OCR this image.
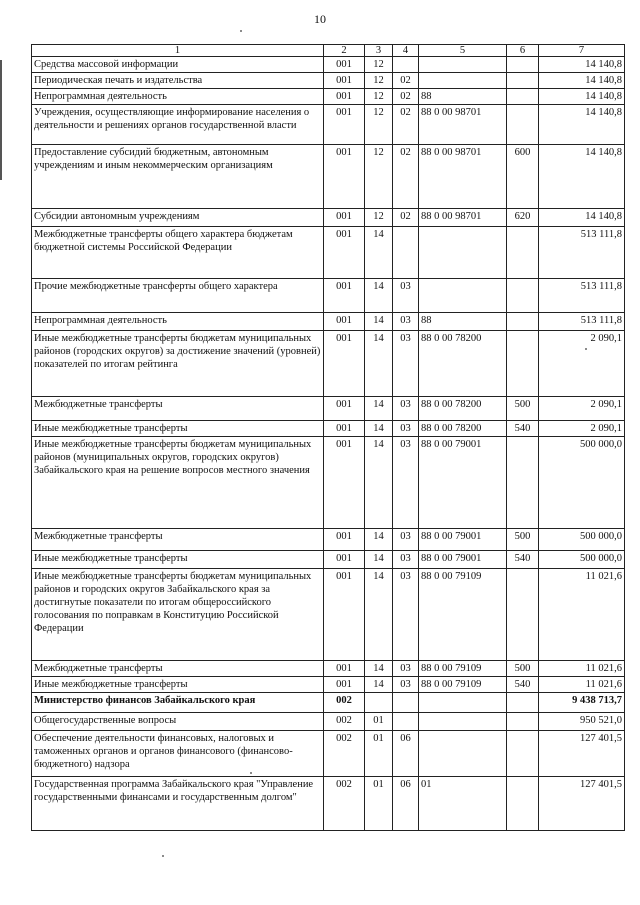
10
1	2	3	4	5	6	7
Средства массовой информации	001	12				14 140,8
Периодическая печать и издательства	001	12	02			14 140,8
Непрограммная деятельность	001	12	02	88		14 140,8
Учреждения, осуществляющие информирование населения о деятельности и решениях органов государственной власти	001	12	02	88 0 00 98701		14 140,8
Предоставление субсидий бюджетным, автономным учреждениям и иным некоммерческим организациям	001	12	02	88 0 00 98701	600	14 140,8
Субсидии автономным учреждениям	001	12	02	88 0 00 98701	620	14 140,8
Межбюджетные трансферты общего характера бюджетам бюджетной системы Российской Федерации	001	14				513 111,8
Прочие межбюджетные трансферты общего характера	001	14	03			513 111,8
Непрограммная деятельность	001	14	03	88		513 111,8
Иные межбюджетные трансферты бюджетам муниципальных районов (городских округов) за достижение значений (уровней) показателей по итогам рейтинга	001	14	03	88 0 00 78200		2 090,1
Межбюджетные трансферты	001	14	03	88 0 00 78200	500	2 090,1
Иные межбюджетные трансферты	001	14	03	88 0 00 78200	540	2 090,1
Иные межбюджетные трансферты бюджетам муниципальных районов (муниципальных округов, городских округов) Забайкальского края на решение вопросов местного значения	001	14	03	88 0 00 79001		500 000,0
Межбюджетные трансферты	001	14	03	88 0 00 79001	500	500 000,0
Иные межбюджетные трансферты	001	14	03	88 0 00 79001	540	500 000,0
Иные межбюджетные трансферты бюджетам муниципальных районов и городских округов Забайкальского края за достигнутые показатели по итогам общероссийского голосования по поправкам в Конституцию Российской Федерации	001	14	03	88 0 00 79109		11 021,6
Межбюджетные трансферты	001	14	03	88 0 00 79109	500	11 021,6
Иные межбюджетные трансферты	001	14	03	88 0 00 79109	540	11 021,6
Министерство финансов Забайкальского края	002					9 438 713,7
Общегосударственные вопросы	002	01				950 521,0
Обеспечение деятельности финансовых, налоговых и таможенных органов и органов финансового (финансово-бюджетного) надзора	002	01	06			127 401,5
Государственная программа Забайкальского края "Управление государственными финансами и государственным долгом"	002	01	06	01		127 401,5
